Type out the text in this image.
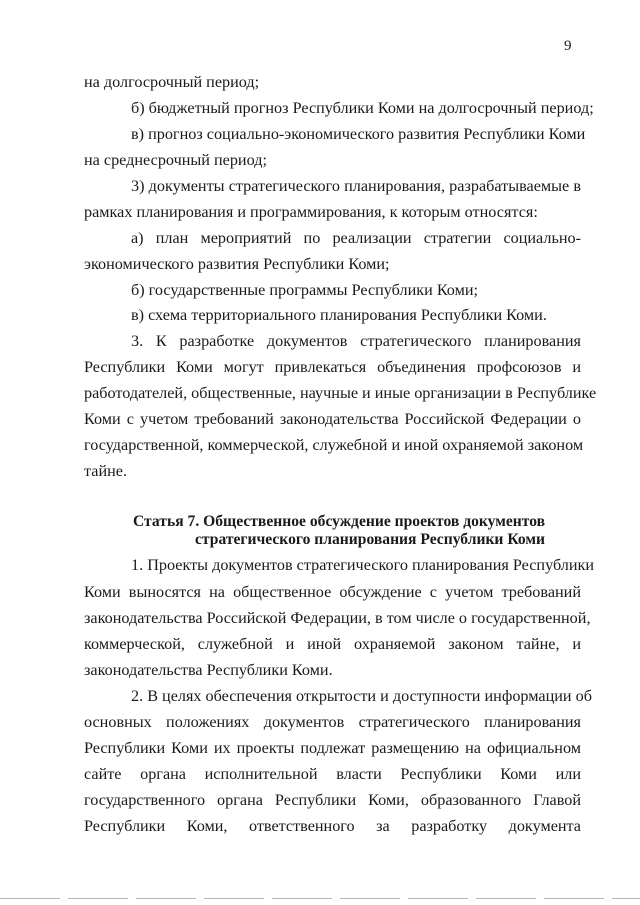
9
на долгосрочный период;
б) бюджетный прогноз Республики Коми на долгосрочный период;
в) прогноз социально-экономического развития Республики Коми
на среднесрочный период;
3) документы стратегического планирования, разрабатываемые в
рамках планирования и программирования, к которым относятся:
а) план мероприятий по реализации стратегии социально-
экономического развития Республики Коми;
б) государственные программы Республики Коми;
в) схема территориального планирования Республики Коми.
3. К разработке документов стратегического планирования
Республики Коми могут привлекаться объединения профсоюзов и
работодателей, общественные, научные и иные организации в Республике
Коми с учетом требований законодательства Российской Федерации о
государственной, коммерческой, служебной и иной охраняемой законом
тайне.
Статья 7. Общественное обсуждение проектов документов
стратегического планирования Республики Коми
1. Проекты документов стратегического планирования Республики
Коми выносятся на общественное обсуждение с учетом требований
законодательства Российской Федерации, в том числе о государственной,
коммерческой, служебной и иной охраняемой законом тайне, и
законодательства Республики Коми.
2. В целях обеспечения открытости и доступности информации об
основных положениях документов стратегического планирования
Республики Коми их проекты подлежат размещению на официальном
сайте органа исполнительной власти Республики Коми или
государственного органа Республики Коми, образованного Главой
Республики Коми, ответственного за разработку документа
